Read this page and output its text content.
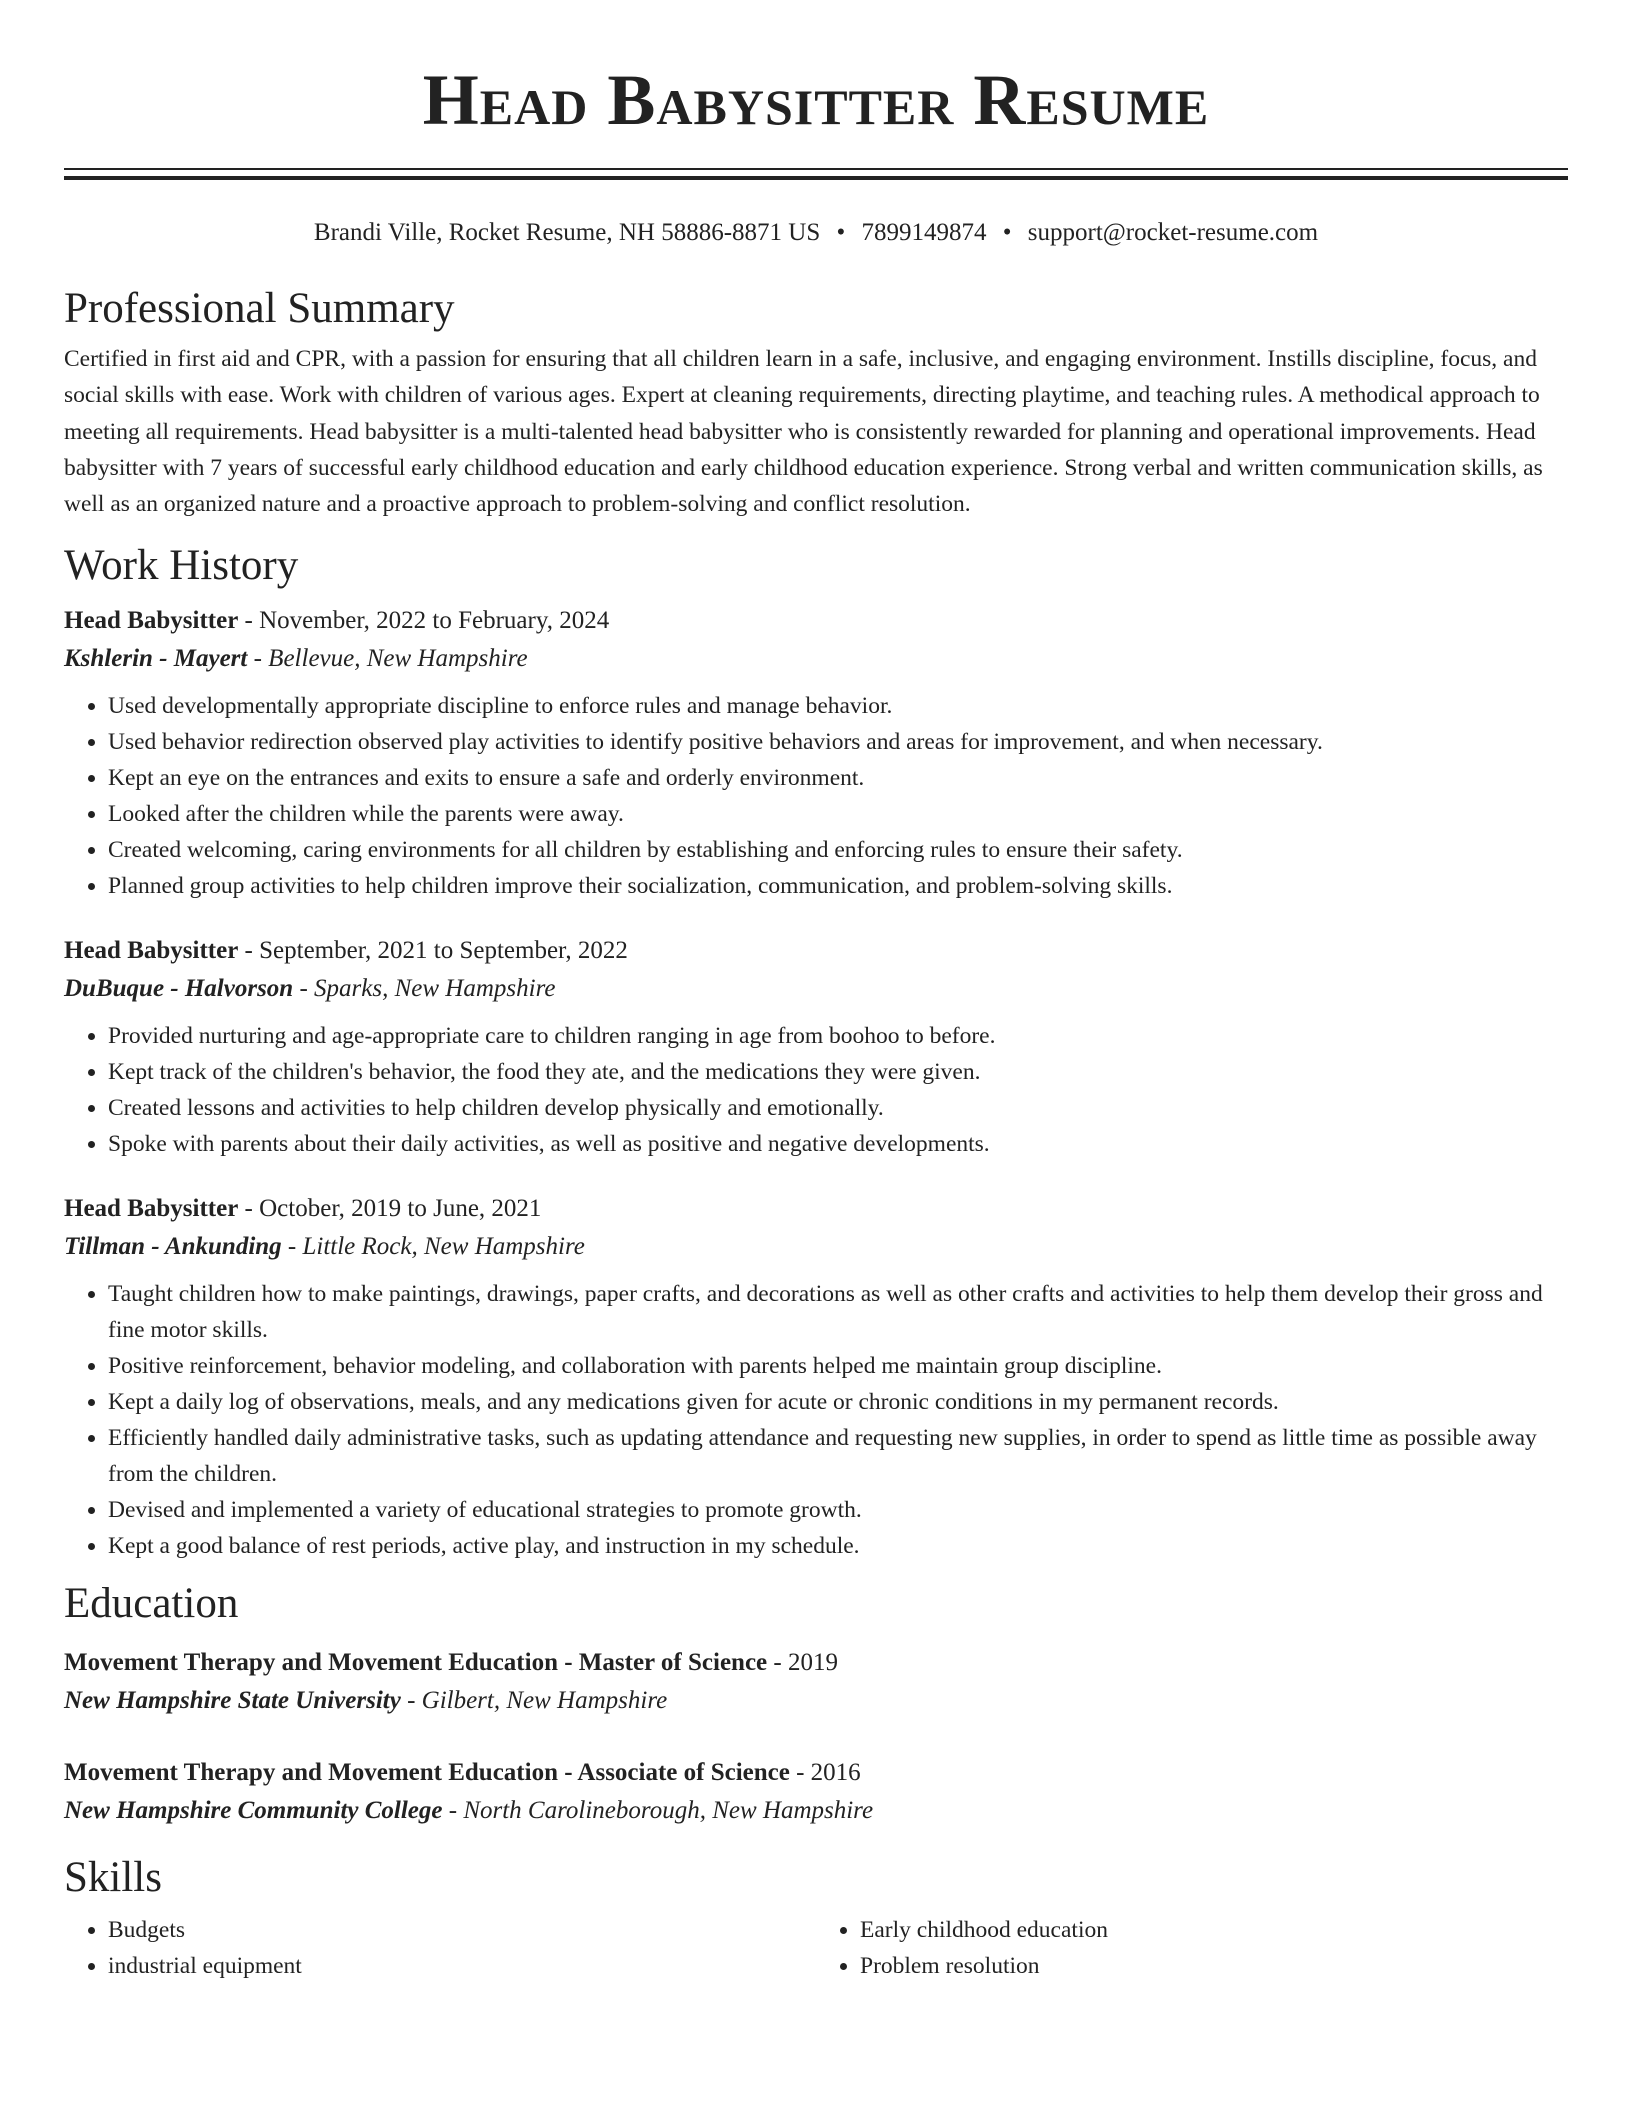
Head Babysitter Resume
Brandi Ville, Rocket Resume, NH 58886-8871 US • 7899149874 • support@rocket-resume.com
Professional Summary

Certified in first aid and CPR, with a passion for ensuring that all children learn in a safe, inclusive, and engaging environment. Instills discipline, focus, and social skills with ease. Work with children of various ages. Expert at cleaning requirements, directing playtime, and teaching rules. A methodical approach to meeting all requirements. Head babysitter is a multi-talented head babysitter who is consistently rewarded for planning and operational improvements. Head babysitter with 7 years of successful early childhood education and early childhood education experience. Strong verbal and written communication skills, as well as an organized nature and a proactive approach to problem-solving and conflict resolution.

Work History
Head Babysitter - November, 2022 to February, 2024
Kshlerin - Mayert - Bellevue, New Hampshire
• Used developmentally appropriate discipline to enforce rules and manage behavior.
• Used behavior redirection observed play activities to identify positive behaviors and areas for improvement, and when necessary.
• Kept an eye on the entrances and exits to ensure a safe and orderly environment.
• Looked after the children while the parents were away.
• Created welcoming, caring environments for all children by establishing and enforcing rules to ensure their safety.
• Planned group activities to help children improve their socialization, communication, and problem-solving skills.
Head Babysitter - September, 2021 to September, 2022
DuBuque - Halvorson - Sparks, New Hampshire
• Provided nurturing and age-appropriate care to children ranging in age from boohoo to before.
• Kept track of the children's behavior, the food they ate, and the medications they were given.
• Created lessons and activities to help children develop physically and emotionally.
• Spoke with parents about their daily activities, as well as positive and negative developments.
Head Babysitter - October, 2019 to June, 2021
Tillman - Ankunding - Little Rock, New Hampshire
• Taught children how to make paintings, drawings, paper crafts, and decorations as well as other crafts and activities to help them develop their gross and fine motor skills.
• Positive reinforcement, behavior modeling, and collaboration with parents helped me maintain group discipline.
• Kept a daily log of observations, meals, and any medications given for acute or chronic conditions in my permanent records.
• Efficiently handled daily administrative tasks, such as updating attendance and requesting new supplies, in order to spend as little time as possible away from the children.
• Devised and implemented a variety of educational strategies to promote growth.
• Kept a good balance of rest periods, active play, and instruction in my schedule.
Education
Movement Therapy and Movement Education - Master of Science - 2019
New Hampshire State University - Gilbert, New Hampshire
Movement Therapy and Movement Education - Associate of Science - 2016
New Hampshire Community College - North Carolineborough, New Hampshire
Skills
• Budgets
• industrial equipment
• Early childhood education
• Problem resolution
